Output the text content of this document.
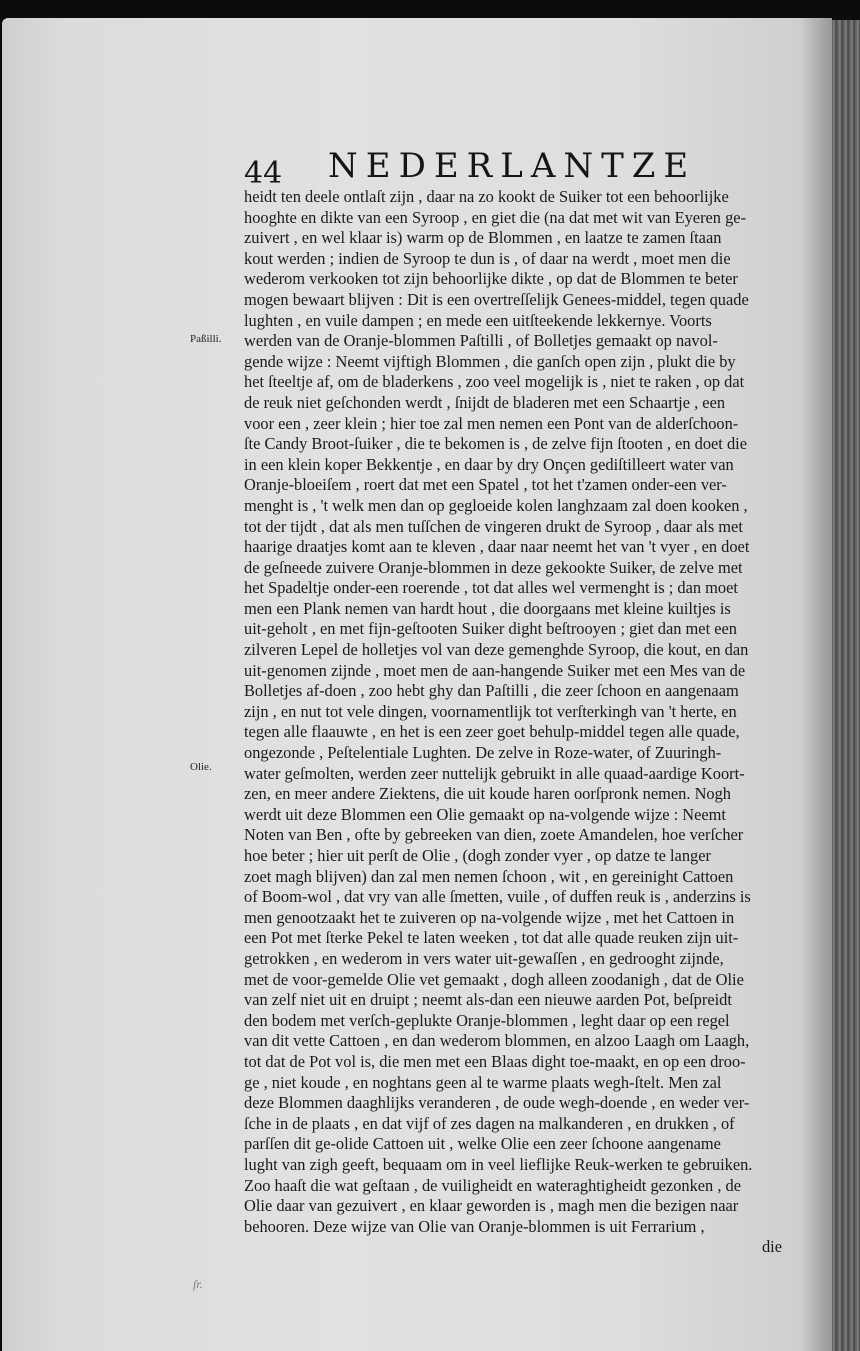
44 NEDERLANTZE
Paßilli.
Olie.
heidt ten deele ontlaſt zijn , daar na zo kookt de Suiker tot een behoorlijke
hooghte en dikte van een Syroop , en giet die (na dat met wit van Eyeren ge-
zuivert , en wel klaar is) warm op de Blommen , en laatze te zamen ſtaan
kout werden ; indien de Syroop te dun is , of daar na werdt , moet men die
wederom verkooken tot zijn behoorlijke dikte , op dat de Blommen te beter
mogen bewaart blijven : Dit is een overtreſſelijk Genees-middel, tegen quade
lughten , en vuile dampen ; en mede een uitſteekende lekkernye. Voorts
werden van de Oranje-blommen Paſtilli , of Bolletjes gemaakt op navol-
gende wijze : Neemt vijftigh Blommen , die ganſch open zijn , plukt die by
het ſteeltje af, om de bladerkens , zoo veel mogelijk is , niet te raken , op dat
de reuk niet geſchonden werdt , ſnijdt de bladeren met een Schaartje , een
voor een , zeer klein ; hier toe zal men nemen een Pont van de alderſchoon-
ſte Candy Broot-ſuiker , die te bekomen is , de zelve fijn ſtooten , en doet die
in een klein koper Bekkentje , en daar by dry Onçen gediſtilleert water van
Oranje-bloeiſem , roert dat met een Spatel , tot het t'zamen onder-een ver-
menght is , 't welk men dan op gegloeide kolen langhzaam zal doen kooken ,
tot der tijdt , dat als men tuſſchen de vingeren drukt de Syroop , daar als met
haarige draatjes komt aan te kleven , daar naar neemt het van 't vyer , en doet
de geſneede zuivere Oranje-blommen in deze gekookte Suiker, de zelve met
het Spadeltje onder-een roerende , tot dat alles wel vermenght is ; dan moet
men een Plank nemen van hardt hout , die doorgaans met kleine kuiltjes is
uit-geholt , en met fijn-geſtooten Suiker dight beſtrooyen ; giet dan met een
zilveren Lepel de holletjes vol van deze gemenghde Syroop, die kout, en dan
uit-genomen zijnde , moet men de aan-hangende Suiker met een Mes van de
Bolletjes af-doen , zoo hebt ghy dan Paſtilli , die zeer ſchoon en aangenaam
zijn , en nut tot vele dingen, voornamentlijk tot verſterkingh van 't herte, en
tegen alle flaauwte , en het is een zeer goet behulp-middel tegen alle quade,
ongezonde , Peſtelentiale Lughten. De zelve in Roze-water, of Zuuringh-
water geſmolten, werden zeer nuttelijk gebruikt in alle quaad-aardige Koort-
zen, en meer andere Ziektens, die uit koude haren oorſpronk nemen. Nogh
werdt uit deze Blommen een Olie gemaakt op na-volgende wijze : Neemt
Noten van Ben , ofte by gebreeken van dien, zoete Amandelen, hoe verſcher
hoe beter ; hier uit perſt de Olie , (dogh zonder vyer , op datze te langer
zoet magh blijven) dan zal men nemen ſchoon , wit , en gereinight Cattoen
of Boom-wol , dat vry van alle ſmetten, vuile , of duffen reuk is , anderzins is
men genootzaakt het te zuiveren op na-volgende wijze , met het Cattoen in
een Pot met ſterke Pekel te laten weeken , tot dat alle quade reuken zijn uit-
getrokken , en wederom in vers water uit-gewaſſen , en gedrooght zijnde,
met de voor-gemelde Olie vet gemaakt , dogh alleen zoodanigh , dat de Olie
van zelf niet uit en druipt ; neemt als-dan een nieuwe aarden Pot, beſpreidt
den bodem met verſch-geplukte Oranje-blommen , leght daar op een regel
van dit vette Cattoen , en dan wederom blommen, en alzoo Laagh om Laagh,
tot dat de Pot vol is, die men met een Blaas dight toe-maakt, en op een droo-
ge , niet koude , en noghtans geen al te warme plaats wegh-ſtelt. Men zal
deze Blommen daaghlijks veranderen , de oude wegh-doende , en weder ver-
ſche in de plaats , en dat vijf of zes dagen na malkanderen , en drukken , of
parſſen dit ge-olide Cattoen uit , welke Olie een zeer ſchoone aangename
lught van zigh geeft, bequaam om in veel lieflijke Reuk-werken te gebruiken.
Zoo haaſt die wat geſtaan , de vuiligheidt en wateraghtigheidt gezonken , de
Olie daar van gezuivert , en klaar geworden is , magh men die bezigen naar
behooren. Deze wijze van Olie van Oranje-blommen is uit Ferrarium ,
die
ſr.
